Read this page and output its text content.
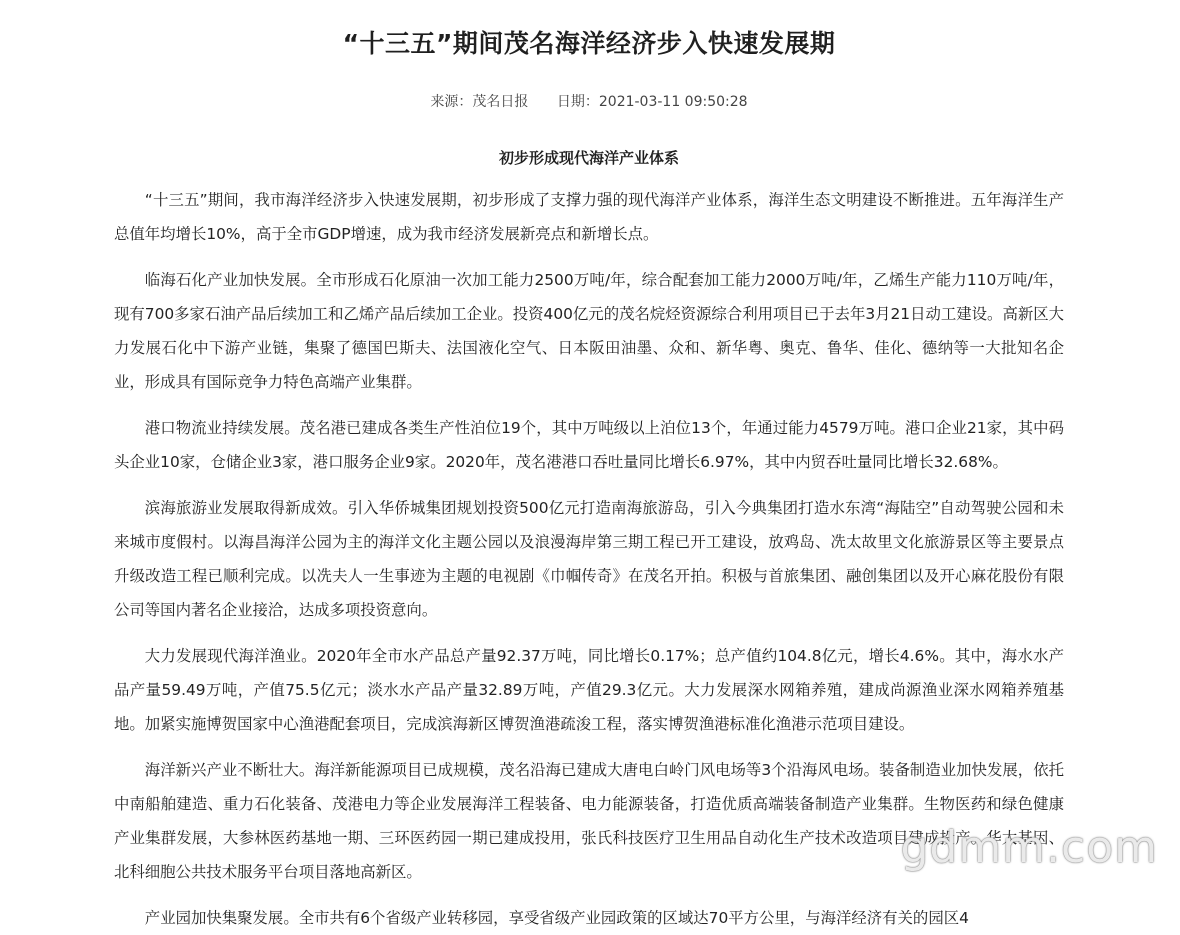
“十三五”期间茂名海洋经济步入快速发展期
来源：茂名日报 日期：2021-03-11 09:50:28
初步形成现代海洋产业体系

“十三五”期间，我市海洋经济步入快速发展期，初步形成了支撑力强的现代海洋产业体系，海洋生态文明建设不断推进。五年海洋生产总值年均增长10%，高于全市GDP增速，成为我市经济发展新亮点和新增长点。

临海石化产业加快发展。全市形成石化原油一次加工能力2500万吨/年，综合配套加工能力2000万吨/年，乙烯生产能力110万吨/年，现有700多家石油产品后续加工和乙烯产品后续加工企业。投资400亿元的茂名烷烃资源综合利用项目已于去年3月21日动工建设。高新区大力发展石化中下游产业链，集聚了德国巴斯夫、法国液化空气、日本阪田油墨、众和、新华粤、奥克、鲁华、佳化、德纳等一大批知名企业，形成具有国际竞争力特色高端产业集群。

港口物流业持续发展。茂名港已建成各类生产性泊位19个，其中万吨级以上泊位13个，年通过能力4579万吨。港口企业21家，其中码头企业10家，仓储企业3家，港口服务企业9家。2020年，茂名港港口吞吐量同比增长6.97%，其中内贸吞吐量同比增长32.68%。

滨海旅游业发展取得新成效。引入华侨城集团规划投资500亿元打造南海旅游岛，引入今典集团打造水东湾“海陆空”自动驾驶公园和未来城市度假村。以海昌海洋公园为主的海洋文化主题公园以及浪漫海岸第三期工程已开工建设，放鸡岛、冼太故里文化旅游景区等主要景点升级改造工程已顺利完成。以冼夫人一生事迹为主题的电视剧《巾帼传奇》在茂名开拍。积极与首旅集团、融创集团以及开心麻花股份有限公司等国内著名企业接洽，达成多项投资意向。

大力发展现代海洋渔业。2020年全市水产品总产量92.37万吨，同比增长0.17%；总产值约104.8亿元，增长4.6%。其中，海水水产品产量59.49万吨，产值75.5亿元；淡水水产品产量32.89万吨，产值29.3亿元。大力发展深水网箱养殖，建成尚源渔业深水网箱养殖基地。加紧实施博贺国家中心渔港配套项目，完成滨海新区博贺渔港疏浚工程，落实博贺渔港标准化渔港示范项目建设。

海洋新兴产业不断壮大。海洋新能源项目已成规模，茂名沿海已建成大唐电白岭门风电场等3个沿海风电场。装备制造业加快发展，依托中南船舶建造、重力石化装备、茂港电力等企业发展海洋工程装备、电力能源装备，打造优质高端装备制造产业集群。生物医药和绿色健康产业集群发展，大参林医药基地一期、三环医药园一期已建成投用，张氏科技医疗卫生用品自动化生产技术改造项目建成投产。华大基因、北科细胞公共技术服务平台项目落地高新区。

产业园加快集聚发展。全市共有6个省级产业转移园，享受省级产业园政策的区域达70平方公里，与海洋经济有关的园区4

gdmm.com
